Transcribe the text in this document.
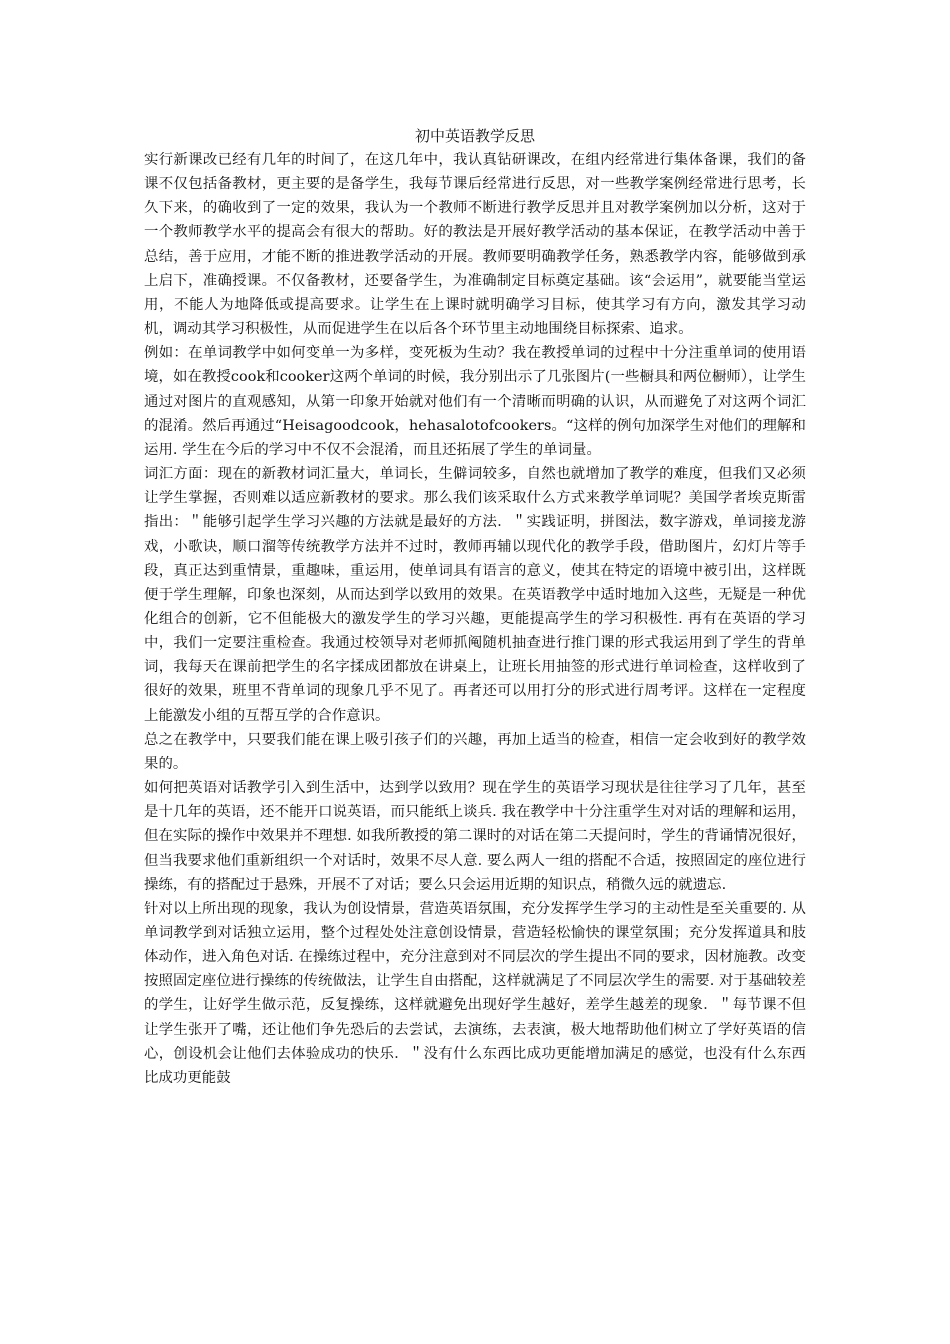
初中英语教学反思

实行新课改已经有几年的时间了，在这几年中，我认真钻研课改，在组内经常进行集体备课，我们的备课不仅包括备教材，更主要的是备学生，我每节课后经常进行反思，对一些教学案例经常进行思考，长久下来，的确收到了一定的效果，我认为一个教师不断进行教学反思并且对教学案例加以分析，这对于一个教师教学水平的提高会有很大的帮助。好的教法是开展好教学活动的基本保证，在教学活动中善于总结，善于应用，才能不断的推进教学活动的开展。教师要明确教学任务，熟悉教学内容，能够做到承上启下，准确授课。不仅备教材，还要备学生，为准确制定目标奠定基础。该“会运用”，就要能当堂运用，不能人为地降低或提高要求。让学生在上课时就明确学习目标，使其学习有方向，激发其学习动机，调动其学习积极性，从而促进学生在以后各个环节里主动地围绕目标探索、追求。

例如：在单词教学中如何变单一为多样，变死板为生动？我在教授单词的过程中十分注重单词的使用语境，如在教授cook和cooker这两个单词的时候，我分别出示了几张图片(一些橱具和两位橱师），让学生通过对图片的直观感知，从第一印象开始就对他们有一个清晰而明确的认识，从而避免了对这两个词汇的混淆。然后再通过“Heisagoodcook，hehasalotofcookers。“这样的例句加深学生对他们的理解和运用. 学生在今后的学习中不仅不会混淆，而且还拓展了学生的单词量。

词汇方面：现在的新教材词汇量大，单词长，生僻词较多，自然也就增加了教学的难度，但我们又必须让学生掌握，否则难以适应新教材的要求。那么我们该采取什么方式来教学单词呢？美国学者埃克斯雷指出：＂能够引起学生学习兴趣的方法就是最好的方法．＂实践证明，拼图法，数字游戏，单词接龙游戏，小歌诀，顺口溜等传统教学方法并不过时，教师再辅以现代化的教学手段，借助图片，幻灯片等手段，真正达到重情景，重趣味，重运用，使单词具有语言的意义，使其在特定的语境中被引出，这样既便于学生理解，印象也深刻，从而达到学以致用的效果。在英语教学中适时地加入这些，无疑是一种优化组合的创新，它不但能极大的激发学生的学习兴趣，更能提高学生的学习积极性. 再有在英语的学习中，我们一定要注重检查。我通过校领导对老师抓阄随机抽查进行推门课的形式我运用到了学生的背单词，我每天在课前把学生的名字揉成团都放在讲桌上，让班长用抽签的形式进行单词检查，这样收到了很好的效果，班里不背单词的现象几乎不见了。再者还可以用打分的形式进行周考评。这样在一定程度上能激发小组的互帮互学的合作意识。

总之在教学中，只要我们能在课上吸引孩子们的兴趣，再加上适当的检查，相信一定会收到好的教学效果的。

如何把英语对话教学引入到生活中，达到学以致用？现在学生的英语学习现状是往往学习了几年，甚至是十几年的英语，还不能开口说英语，而只能纸上谈兵. 我在教学中十分注重学生对对话的理解和运用，但在实际的操作中效果并不理想. 如我所教授的第二课时的对话在第二天提问时，学生的背诵情况很好，但当我要求他们重新组织一个对话时，效果不尽人意. 要么两人一组的搭配不合适，按照固定的座位进行操练，有的搭配过于悬殊，开展不了对话；要么只会运用近期的知识点，稍微久远的就遗忘.

针对以上所出现的现象，我认为创设情景，营造英语氛围，充分发挥学生学习的主动性是至关重要的. 从单词教学到对话独立运用，整个过程处处注意创设情景，营造轻松愉快的课堂氛围；充分发挥道具和肢体动作，进入角色对话. 在操练过程中，充分注意到对不同层次的学生提出不同的要求，因材施教。改变按照固定座位进行操练的传统做法，让学生自由搭配，这样就满足了不同层次学生的需要. 对于基础较差的学生，让好学生做示范，反复操练，这样就避免出现好学生越好，差学生越差的现象．＂每节课不但让学生张开了嘴，还让他们争先恐后的去尝试，去演练，去表演，极大地帮助他们树立了学好英语的信心，创设机会让他们去体验成功的快乐．＂没有什么东西比成功更能增加满足的感觉，也没有什么东西比成功更能鼓
